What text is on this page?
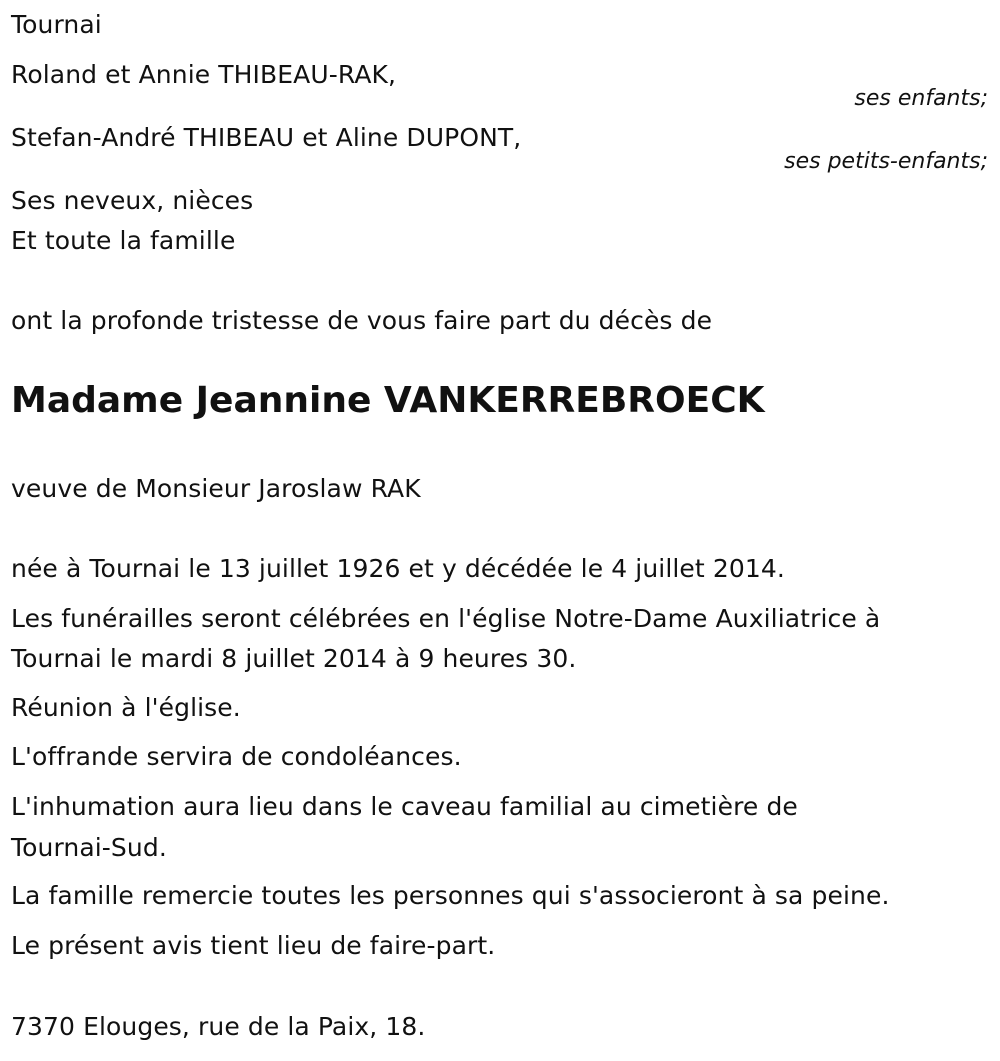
Tournai
Roland et Annie THIBEAU-RAK,
ses enfants;
Stefan-André THIBEAU et Aline DUPONT,
ses petits-enfants;
Ses neveux, nièces
Et toute la famille
ont la profonde tristesse de vous faire part du décès de
Madame Jeannine VANKERREBROECK
veuve de Monsieur Jaroslaw RAK
née à Tournai le 13 juillet 1926 et y décédée le 4 juillet 2014.
Les funérailles seront célébrées en l'église Notre-Dame Auxiliatrice à
Tournai le mardi 8 juillet 2014 à 9 heures 30.
Réunion à l'église.
L'offrande servira de condoléances.
L'inhumation aura lieu dans le caveau familial au cimetière de
Tournai-Sud.
La famille remercie toutes les personnes qui s'associeront à sa peine.
Le présent avis tient lieu de faire-part.
7370 Elouges, rue de la Paix, 18.
